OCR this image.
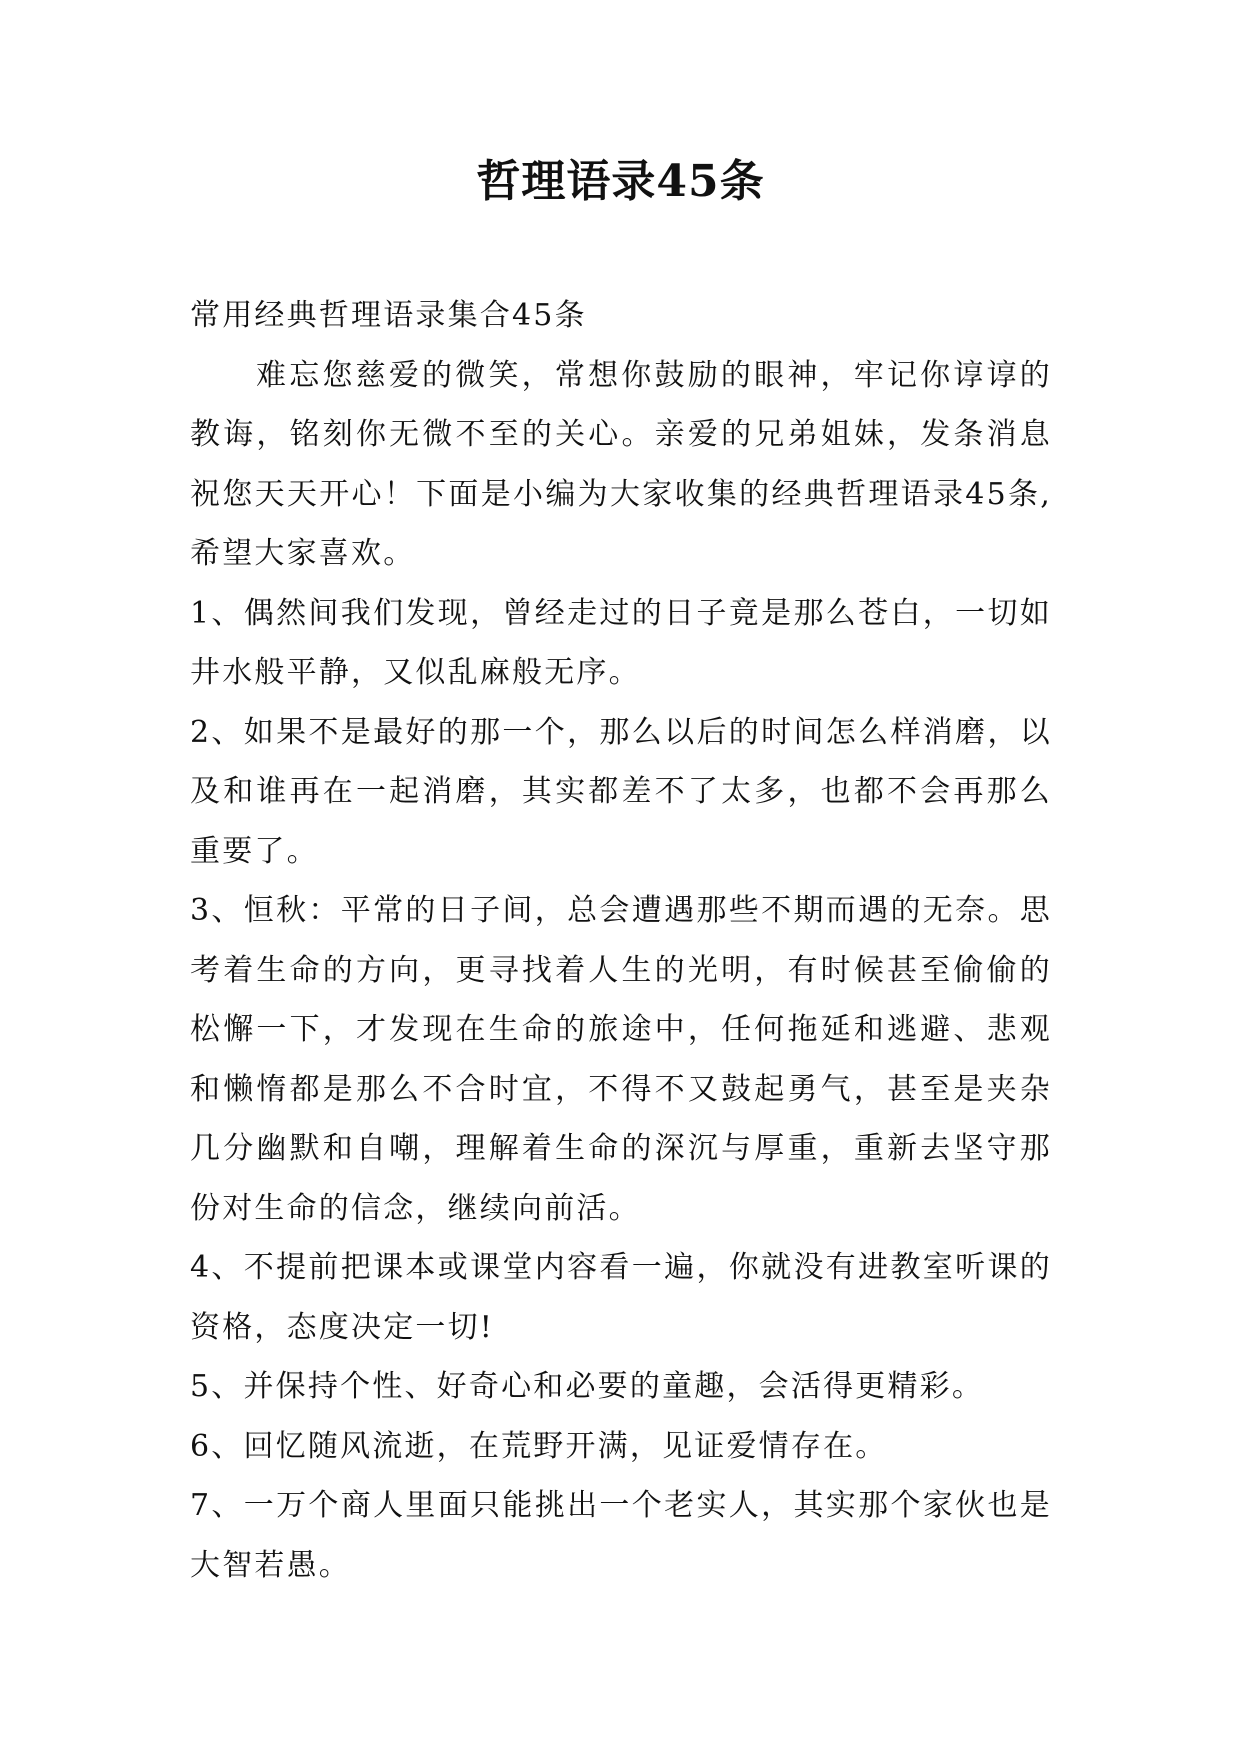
哲理语录45条

常用经典哲理语录集合45条

难忘您慈爱的微笑，常想你鼓励的眼神，牢记你谆谆的教诲，铭刻你无微不至的关心。亲爱的兄弟姐妹，发条消息祝您天天开心！下面是小编为大家收集的经典哲理语录45条,希望大家喜欢。

1、偶然间我们发现，曾经走过的日子竟是那么苍白，一切如井水般平静，又似乱麻般无序。

2、如果不是最好的那一个，那么以后的时间怎么样消磨，以及和谁再在一起消磨，其实都差不了太多，也都不会再那么重要了。

3、恒秋：平常的日子间，总会遭遇那些不期而遇的无奈。思考着生命的方向，更寻找着人生的光明，有时候甚至偷偷的松懈一下，才发现在生命的旅途中，任何拖延和逃避、悲观和懒惰都是那么不合时宜，不得不又鼓起勇气，甚至是夹杂几分幽默和自嘲，理解着生命的深沉与厚重，重新去坚守那份对生命的信念，继续向前活。

4、不提前把课本或课堂内容看一遍，你就没有进教室听课的资格，态度决定一切!

5、并保持个性、好奇心和必要的童趣，会活得更精彩。

6、回忆随风流逝，在荒野开满，见证爱情存在。

7、一万个商人里面只能挑出一个老实人，其实那个家伙也是大智若愚。
